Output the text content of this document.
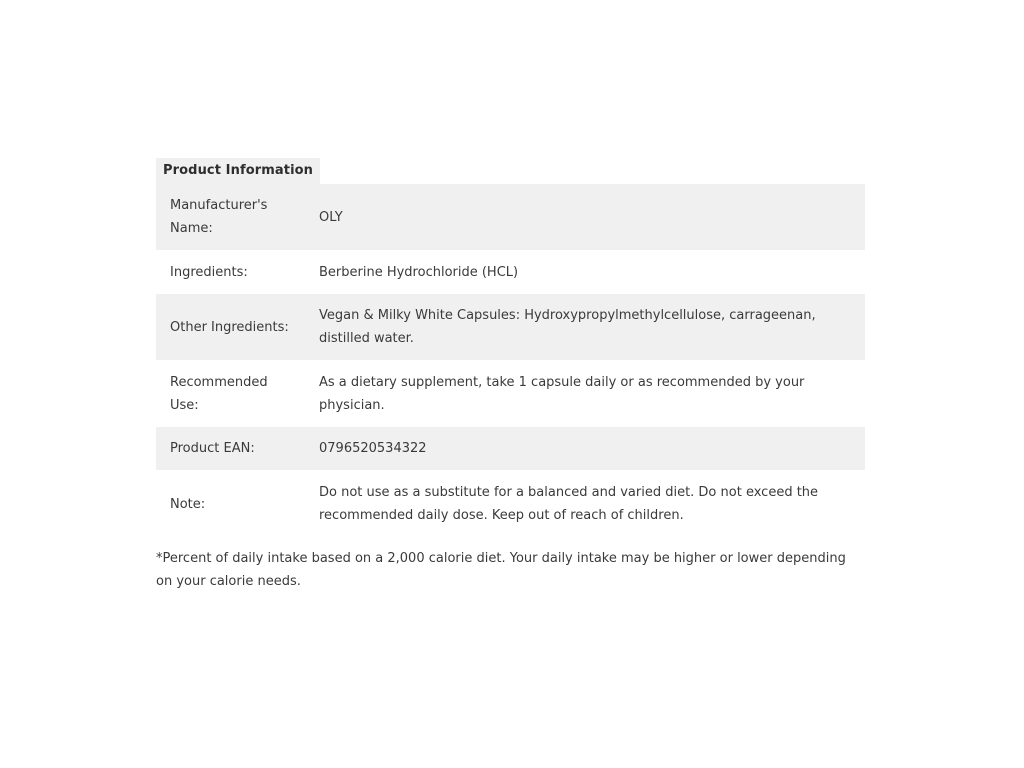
Product Information
Manufacturer's Name:	OLY
Ingredients:	Berberine Hydrochloride (HCL)
Other Ingredients:	Vegan & Milky White Capsules: Hydroxypropylmethylcellulose, carrageenan, distilled water.
Recommended Use:	As a dietary supplement, take 1 capsule daily or as recommended by your physician.
Product EAN:	0796520534322
Note:	Do not use as a substitute for a balanced and varied diet. Do not exceed the recommended daily dose. Keep out of reach of children.

*Percent of daily intake based on a 2,000 calorie diet. Your daily intake may be higher or lower depending on your calorie needs.
